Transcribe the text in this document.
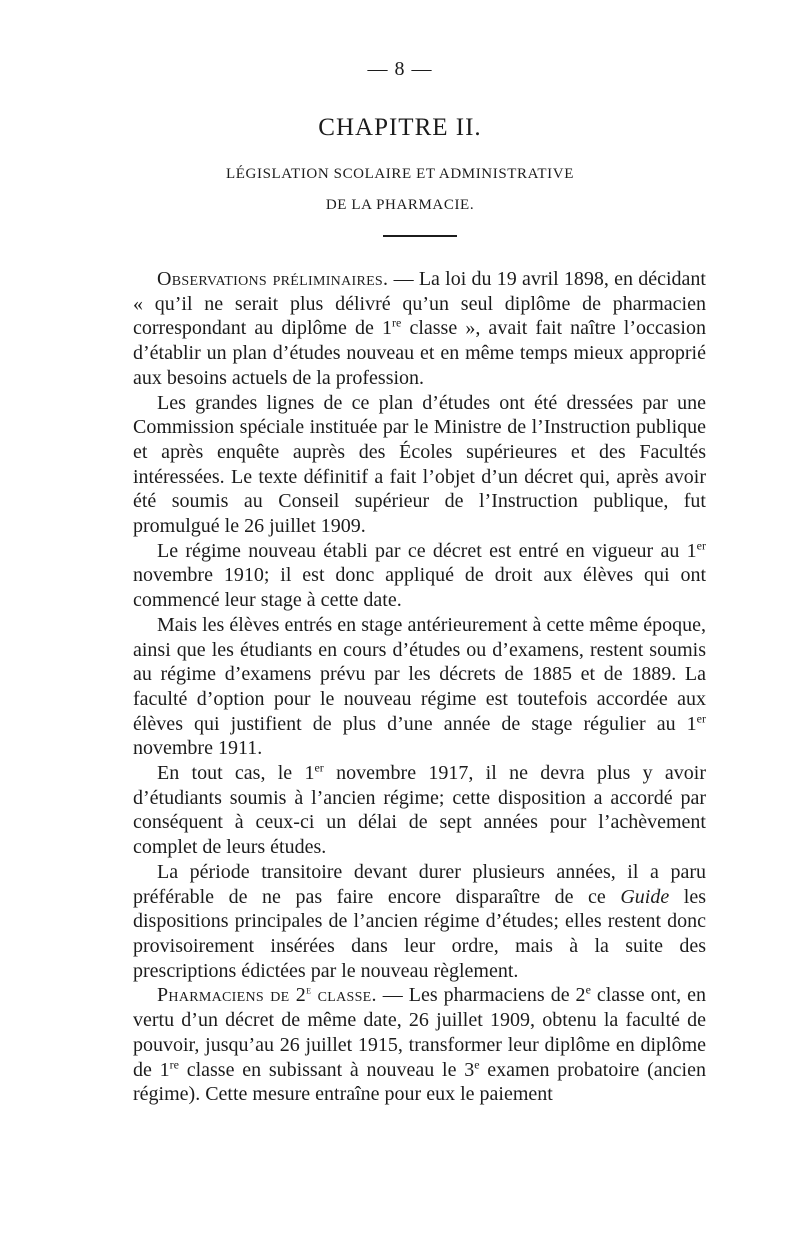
— 8 —
CHAPITRE II.
LÉGISLATION SCOLAIRE ET ADMINISTRATIVE
DE LA PHARMACIE.

Observations préliminaires. — La loi du 19 avril 1898, en décidant « qu’il ne serait plus délivré qu’un seul diplôme de pharmacien correspondant au diplôme de 1re classe », avait fait naître l’occasion d’établir un plan d’études nouveau et en même temps mieux approprié aux besoins actuels de la profession.

Les grandes lignes de ce plan d’études ont été dressées par une Commission spéciale instituée par le Ministre de l’Instruction publique et après enquête auprès des Écoles supérieures et des Facultés intéressées. Le texte définitif a fait l’objet d’un décret qui, après avoir été soumis au Conseil supérieur de l’Instruction publique, fut promulgué le 26 juillet 1909.

Le régime nouveau établi par ce décret est entré en vigueur au 1er novembre 1910; il est donc appliqué de droit aux élèves qui ont commencé leur stage à cette date.

Mais les élèves entrés en stage antérieurement à cette même époque, ainsi que les étudiants en cours d’études ou d’examens, restent soumis au régime d’examens prévu par les décrets de 1885 et de 1889. La faculté d’option pour le nouveau régime est toutefois accordée aux élèves qui justifient de plus d’une année de stage régulier au 1er novembre 1911.

En tout cas, le 1er novembre 1917, il ne devra plus y avoir d’étudiants soumis à l’ancien régime; cette disposition a accordé par conséquent à ceux-ci un délai de sept années pour l’achèvement complet de leurs études.

La période transitoire devant durer plusieurs années, il a paru préférable de ne pas faire encore disparaître de ce Guide les dispositions principales de l’ancien régime d’études; elles restent donc provisoirement insérées dans leur ordre, mais à la suite des prescriptions édictées par le nouveau règlement.

Pharmaciens de 2e classe. — Les pharmaciens de 2e classe ont, en vertu d’un décret de même date, 26 juillet 1909, obtenu la faculté de pouvoir, jusqu’au 26 juillet 1915, transformer leur diplôme en diplôme de 1re classe en subissant à nouveau le 3e examen probatoire (ancien régime). Cette mesure entraîne pour eux le paiement
